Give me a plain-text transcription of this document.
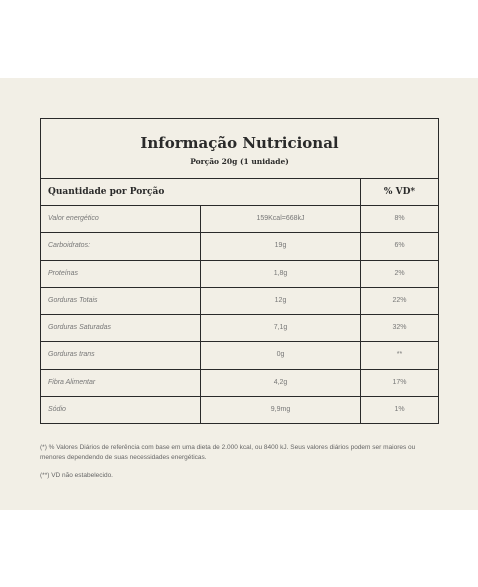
Informação Nutricional
Porção 20g (1 unidade)
Quantidade por Porção	% VD*
Valor energético	159Kcal=668kJ	8%
Carboidratos:	19g	6%
Proteínas	1,8g	2%
Gorduras Totais	12g	22%
Gorduras Saturadas	7,1g	32%
Gorduras trans	0g	**
Fibra Alimentar	4,2g	17%
Sódio	9,9mg	1%

(*) % Valores Diários de referência com base em uma dieta de 2.000 kcal, ou 8400 kJ. Seus valores diários podem ser maiores ou menores dependendo de suas necessidades energéticas.

(**) VD não estabelecido.
